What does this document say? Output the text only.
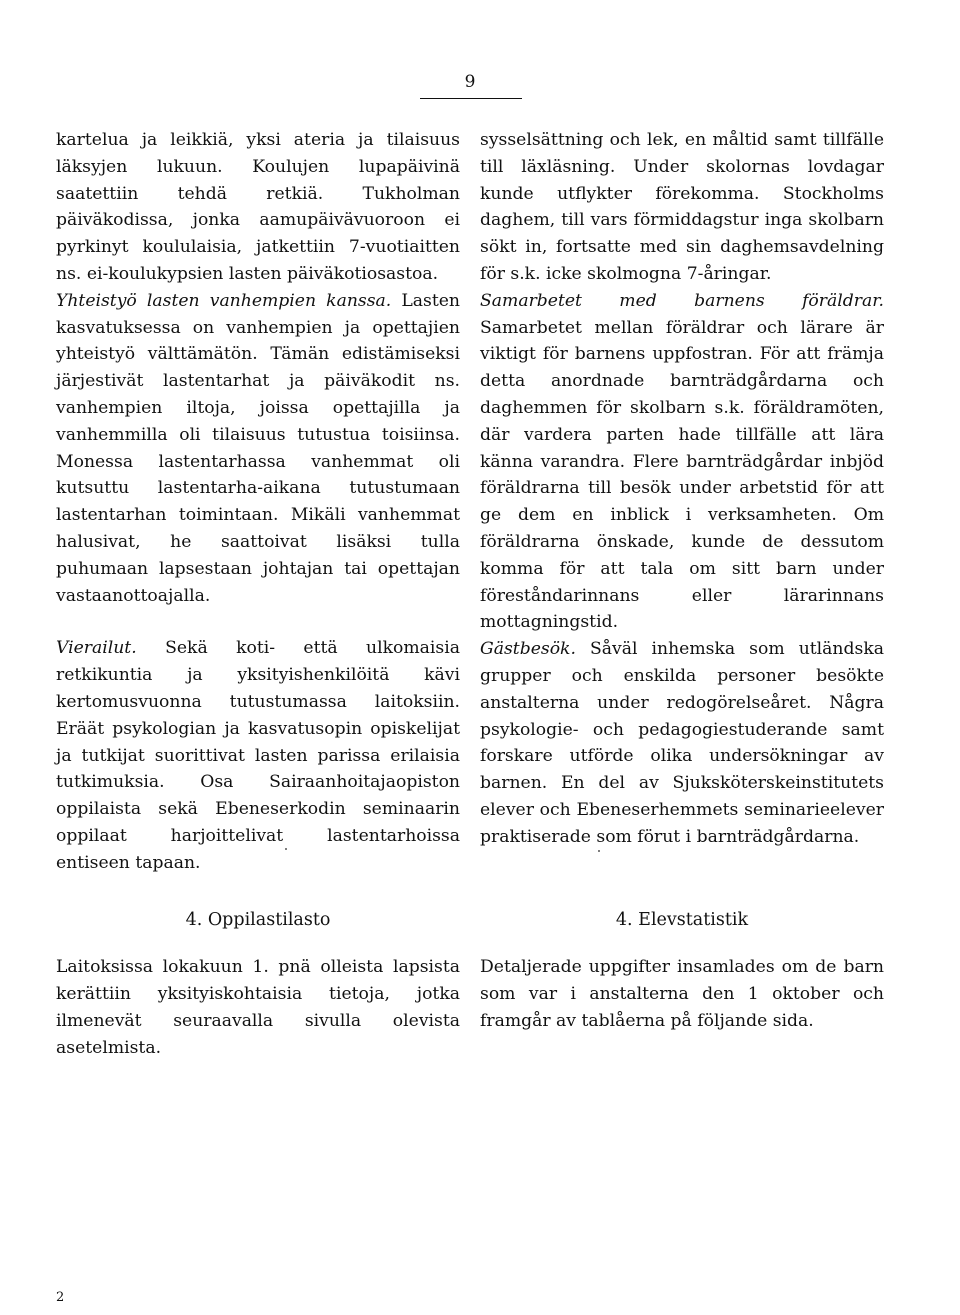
9

kartelua ja leikkiä, yksi ateria ja tilaisuus läksyjen lukuun. Koulujen lupapäivinä saatettiin tehdä retkiä. Tukholman päiväkodissa, jonka aamupäivävuoroon ei pyrkinyt koululaisia, jatkettiin 7-vuotiaitten ns. ei-koulukypsien lasten päiväkotiosastoa.

Yhteistyö lasten vanhempien kanssa. Lasten kasvatuksessa on vanhempien ja opettajien yhteistyö välttämätön. Tämän edistämiseksi järjestivät lastentarhat ja päiväkodit ns. vanhempien iltoja, joissa opettajilla ja vanhemmilla oli tilaisuus tutustua toisiinsa. Monessa lastentarhassa vanhemmat oli kutsuttu lastentarha-aikana tutustumaan lastentarhan toimintaan. Mikäli vanhemmat halusivat, he saattoivat lisäksi tulla puhumaan lapsestaan johtajan tai opettajan vastaanottoajalla.

Vierailut. Sekä koti- että ulkomaisia retkikuntia ja yksityishenkilöitä kävi kertomusvuonna tutustumassa laitoksiin. Eräät psykologian ja kasvatusopin opiskelijat ja tutkijat suorittivat lasten parissa erilaisia tutkimuksia. Osa Sairaanhoitajaopiston oppilaista sekä Ebeneserkodin seminaarin oppilaat harjoittelivat lastentarhoissa entiseen tapaan.

sysselsättning och lek, en måltid samt tillfälle till läxläsning. Under skolornas lovdagar kunde utflykter förekomma. Stockholms daghem, till vars förmiddagstur inga skolbarn sökt in, fortsatte med sin daghemsavdelning för s.k. icke skolmogna 7-åringar.

Samarbetet med barnens föräldrar. Samarbetet mellan föräldrar och lärare är viktigt för barnens uppfostran. För att främja detta anordnade barnträdgårdarna och daghemmen för skolbarn s.k. föräldramöten, där vardera parten hade tillfälle att lära känna varandra. Flere barnträdgårdar inbjöd föräldrarna till besök under arbetstid för att ge dem en inblick i verksamheten. Om föräldrarna önskade, kunde de dessutom komma för att tala om sitt barn under föreståndarinnans eller lärarinnans mottagningstid.

Gästbesök. Såväl inhemska som utländska grupper och enskilda personer besökte anstalterna under redogörelseåret. Några psykologie- och pedagogiestuderande samt forskare utförde olika undersökningar av barnen. En del av Sjuksköterskeinstitutets elever och Ebeneserhemmets seminarieelever praktiserade som förut i barnträdgårdarna.

4. Oppilastilasto	4. Elevstatistik

Laitoksissa lokakuun 1. pnä olleista lapsista kerättiin yksityiskohtaisia tietoja, jotka ilmenevät seuraavalla sivulla olevista asetelmista.

Detaljerade uppgifter insamlades om de barn som var i anstalterna den 1 oktober och framgår av tablåerna på följande sida.

2
